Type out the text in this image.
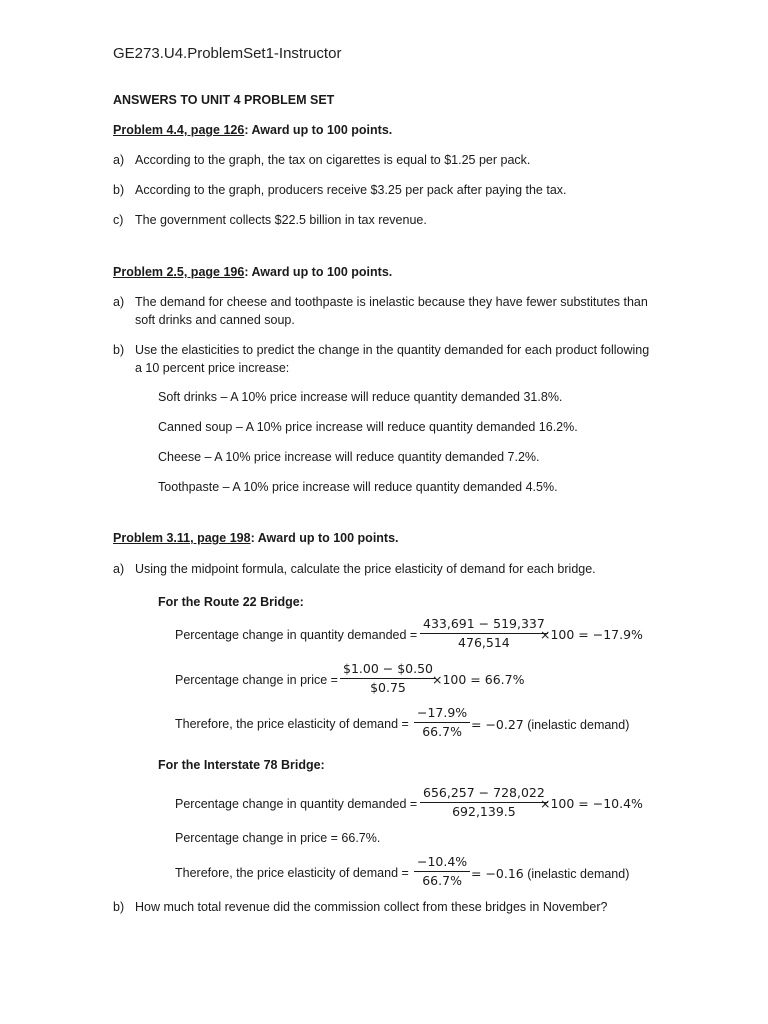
GE273.U4.ProblemSet1-Instructor
ANSWERS TO UNIT 4 PROBLEM SET
Problem 4.4, page 126: Award up to 100 points.
a) According to the graph, the tax on cigarettes is equal to $1.25 per pack.
b) According to the graph, producers receive $3.25 per pack after paying the tax.
c) The government collects $22.5 billion in tax revenue.
Problem 2.5, page 196: Award up to 100 points.
a) The demand for cheese and toothpaste is inelastic because they have fewer substitutes than
soft drinks and canned soup.
b) Use the elasticities to predict the change in the quantity demanded for each product following
a 10 percent price increase:
Soft drinks – A 10% price increase will reduce quantity demanded 31.8%.
Canned soup – A 10% price increase will reduce quantity demanded 16.2%.
Cheese – A 10% price increase will reduce quantity demanded 7.2%.
Toothpaste – A 10% price increase will reduce quantity demanded 4.5%.
Problem 3.11, page 198: Award up to 100 points.
a) Using the midpoint formula, calculate the price elasticity of demand for each bridge.
For the Route 22 Bridge:
Percentage change in quantity demanded = $\frac{433,691 - 519,337}{476,514}$
×100 = −17.9%
Percentage change in price = $\frac{\$1.00 - \$0.50}{\$0.75}$
×100 = 66.7%
Therefore, the price elasticity of demand = $\frac{-17.9\%}{66.7\%} = -0.27$ (inelastic demand)
For the Interstate 78 Bridge:
Percentage change in quantity demanded = $\frac{656,257 - 728,022}{692,139.5}$
×100 = −10.4%
Percentage change in price = 66.7%.
Therefore, the price elasticity of demand = $\frac{-10.4\%}{66.7\%} = -0.16$ (inelastic demand)
b) How much total revenue did the commission collect from these bridges in November?
